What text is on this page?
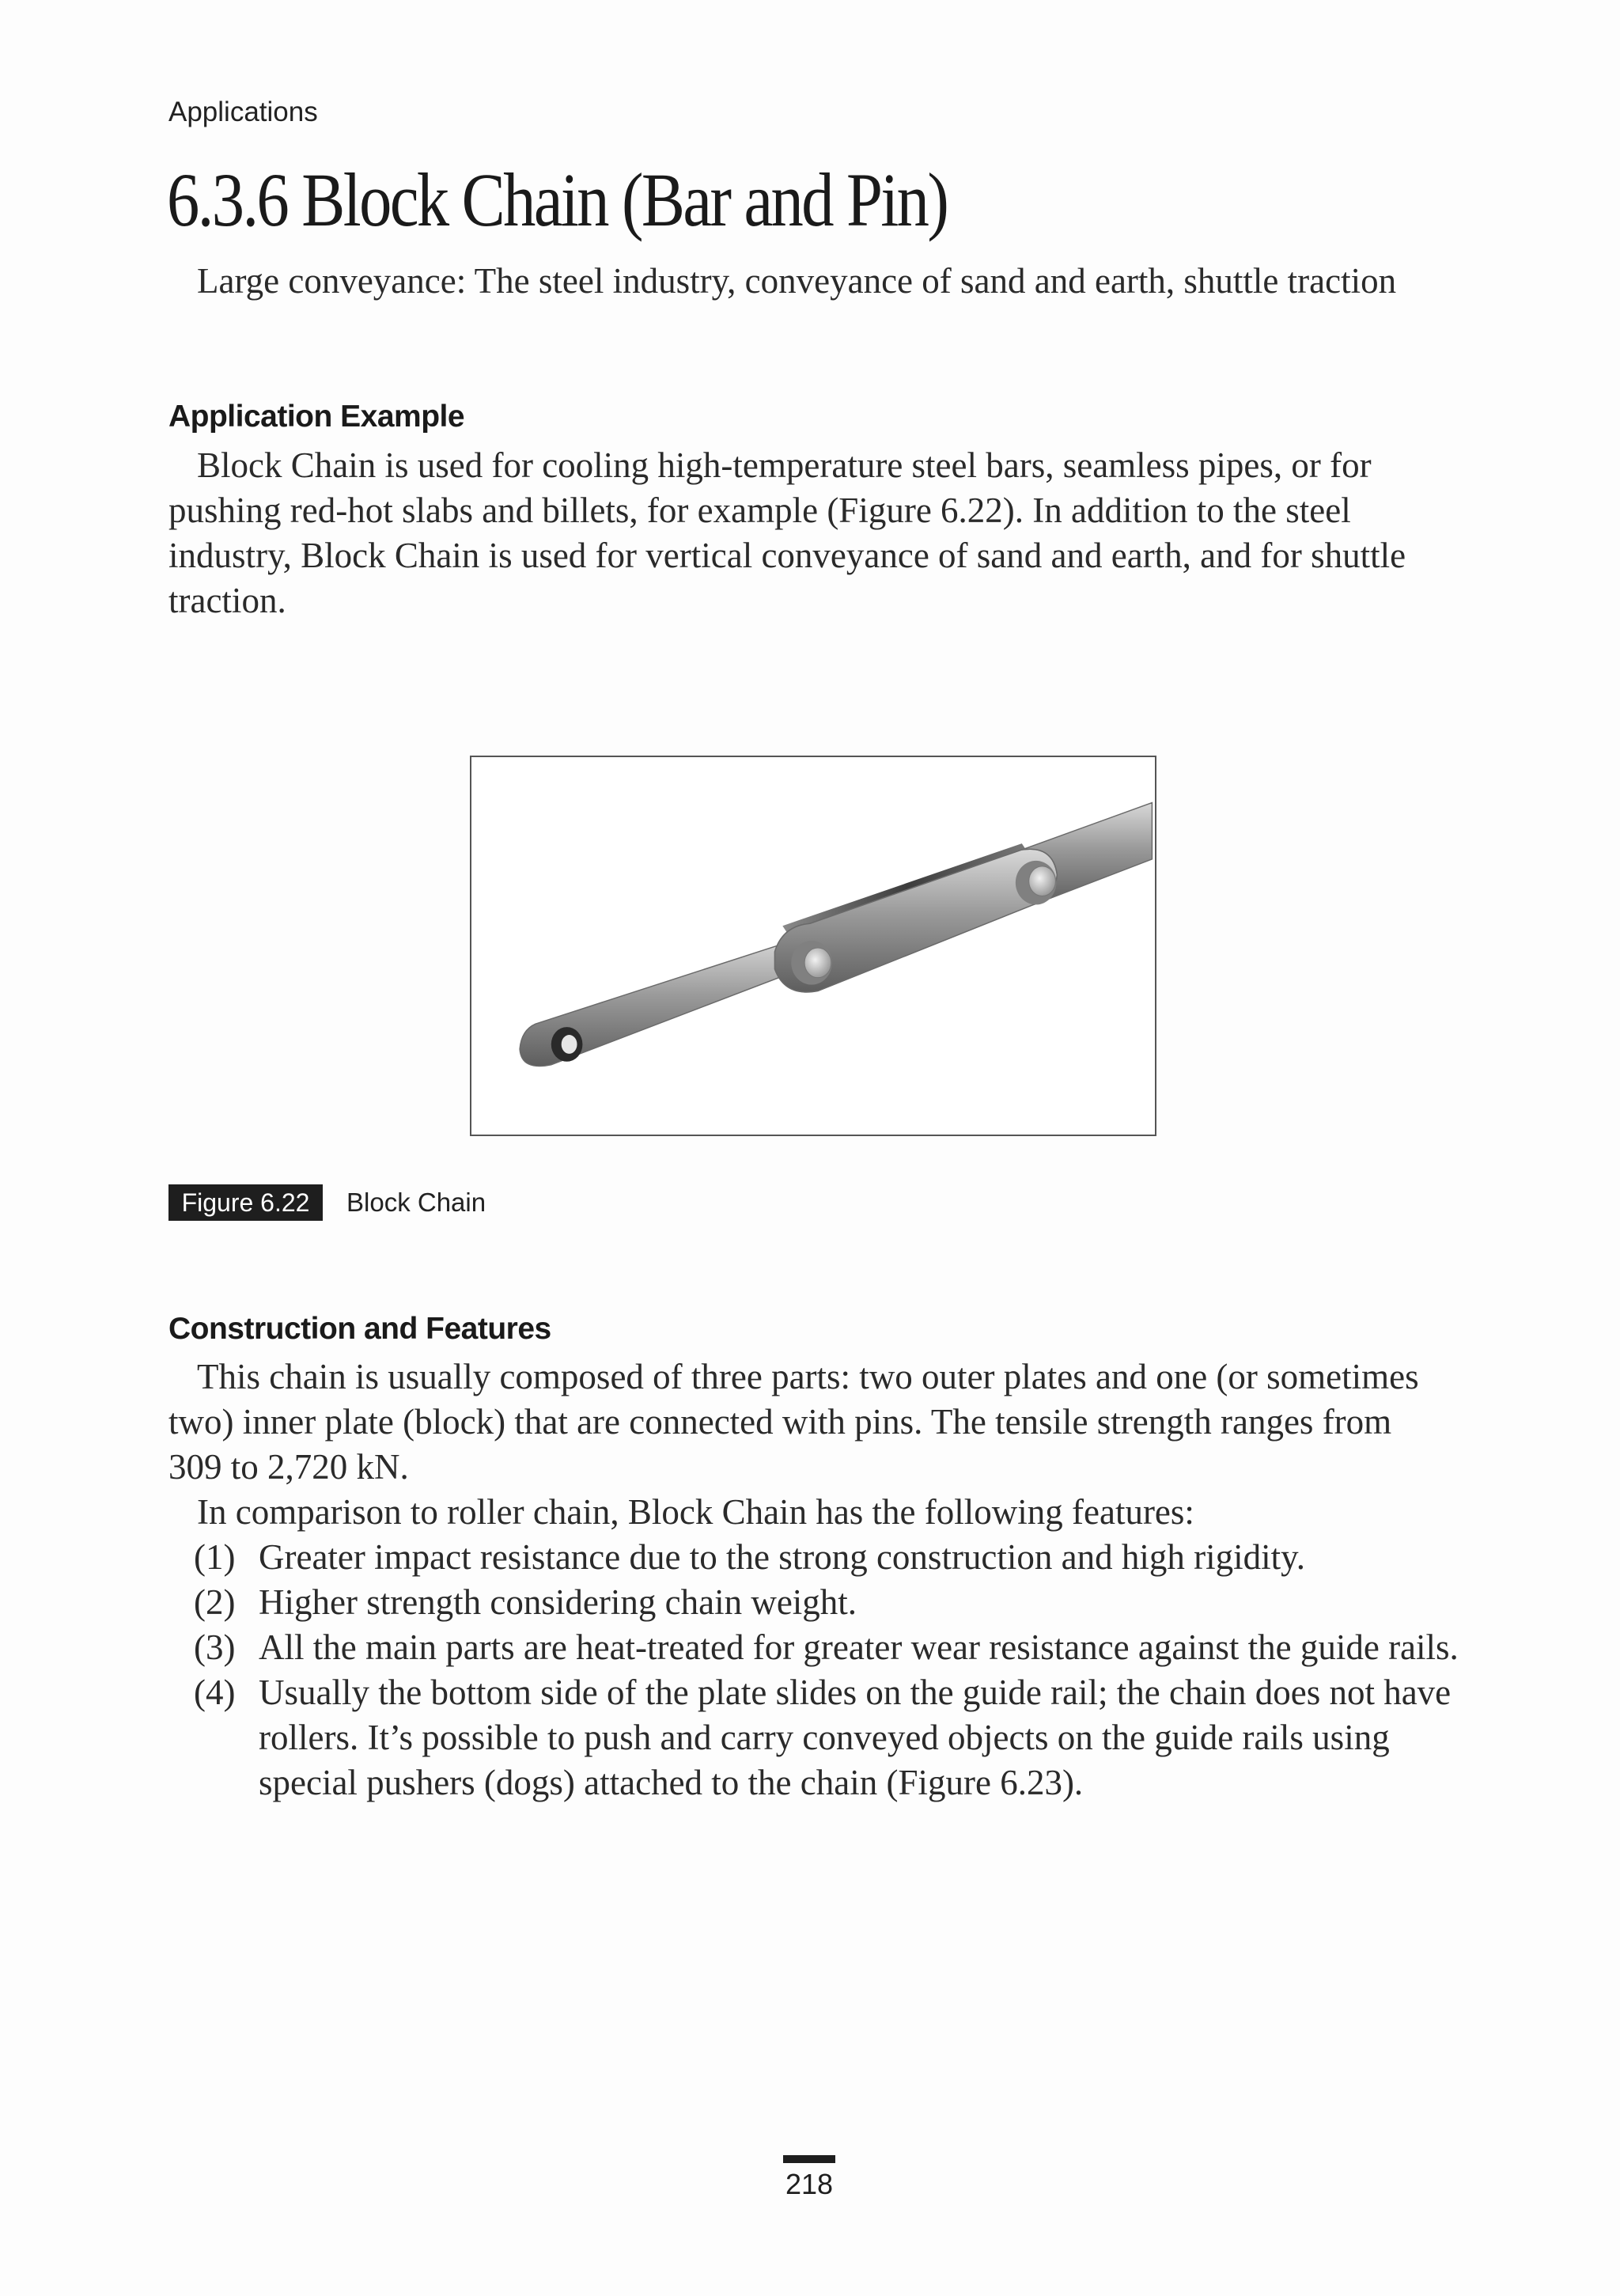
Applications
6.3.6 Block Chain (Bar and Pin)

Large conveyance: The steel industry, conveyance of sand and earth, shuttle traction

Application Example

Block Chain is used for cooling high-temperature steel bars, seamless pipes, or for pushing red-hot slabs and billets, for example (Figure 6.22). In addition to the steel industry, Block Chain is used for vertical conveyance of sand and earth, and for shuttle traction.

Figure 6.22	Block Chain
Construction and Features

This chain is usually composed of three parts: two outer plates and one (or sometimes two) inner plate (block) that are connected with pins. The tensile strength ranges from 309 to 2,720 kN.

In comparison to roller chain, Block Chain has the following features:

(1) Greater impact resistance due to the strong construction and high rigidity.
(2) Higher strength considering chain weight.
(3) All the main parts are heat-treated for greater wear resistance against the guide rails.
(4) Usually the bottom side of the plate slides on the guide rail; the chain does not have rollers. It’s possible to push and carry conveyed objects on the guide rails using special pushers (dogs) attached to the chain (Figure 6.23).
218
